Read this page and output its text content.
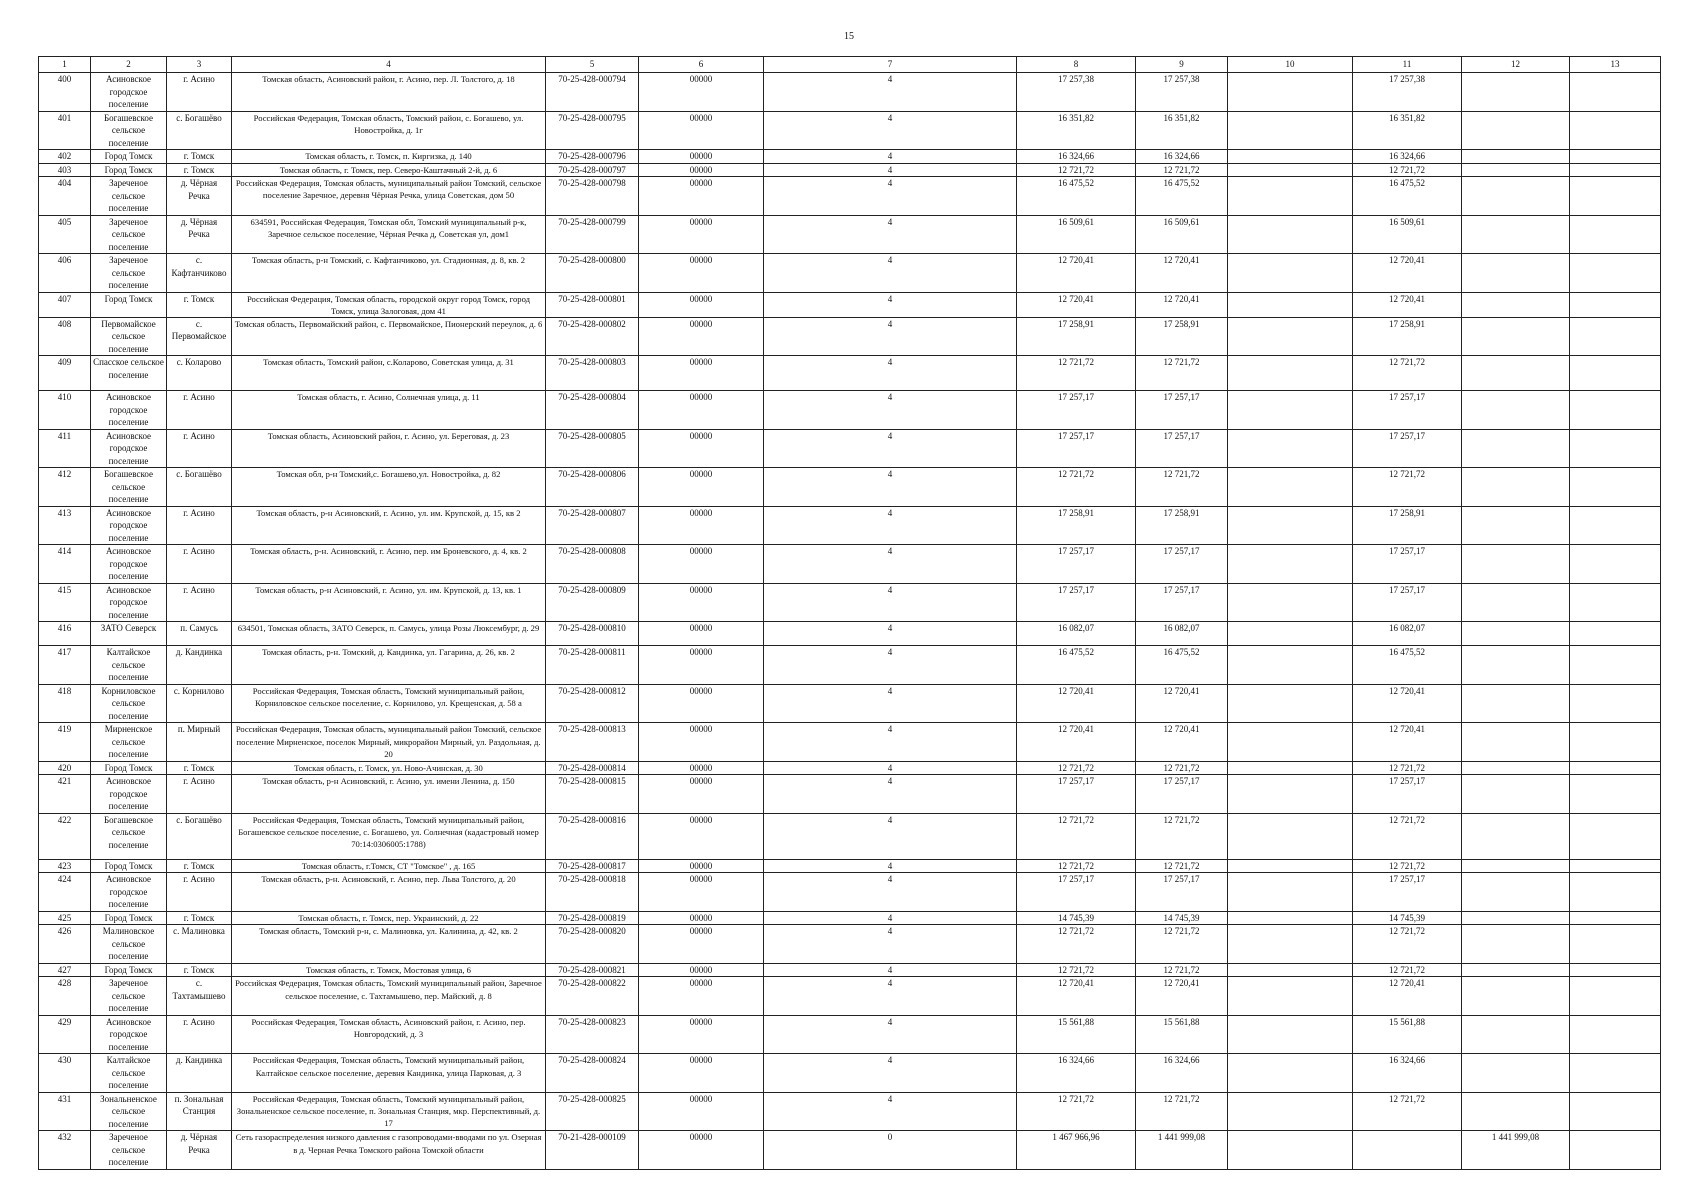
15
1	2	3	4	5	6	7	8	9	10	11	12	13
400	Асиновское городское поселение	г. Асино	Томская область, Асиновский район, г. Асино, пер. Л. Толстого, д. 18	70-25-428-000794	00000	4	17 257,38	17 257,38		17 257,38		
401	Богашевское сельское поселение	с. Богашёво	Российская Федерация, Томская область, Томский район, с. Богашево, ул. Новостройка, д. 1г	70-25-428-000795	00000	4	16 351,82	16 351,82		16 351,82		
402	Город Томск	г. Томск	Томская область, г. Томск, п. Киргизка, д. 140	70-25-428-000796	00000	4	16 324,66	16 324,66		16 324,66		
403	Город Томск	г. Томск	Томская область, г. Томск, пер. Северо-Каштачный 2-й, д. 6	70-25-428-000797	00000	4	12 721,72	12 721,72		12 721,72		
404	Зареченое сельское поселение	д. Чёрная Речка	Российская Федерация, Томская область, муниципальный район Томский, сельское поселение Заречное, деревня Чёрная Речка, улица Советская, дом 50	70-25-428-000798	00000	4	16 475,52	16 475,52		16 475,52		
405	Зареченое сельское поселение	д. Чёрная Речка	634591, Российская Федерация, Томская обл, Томский муниципальный р-к, Заречное сельское поселение, Чёрная Речка д, Советская ул, дом1	70-25-428-000799	00000	4	16 509,61	16 509,61		16 509,61		
406	Зареченое сельское поселение	с. Кафтанчиково	Томская область, р-н Томский, с. Кафтанчиково, ул. Стадионная, д. 8, кв. 2	70-25-428-000800	00000	4	12 720,41	12 720,41		12 720,41		
407	Город Томск	г. Томск	Российская Федерация, Томская область, городской округ город Томск, город Томск, улица Залоговая, дом 41	70-25-428-000801	00000	4	12 720,41	12 720,41		12 720,41		
408	Первомайское сельское поселение	с. Первомайское	Томская область, Первомайский район, с. Первомайское, Пионерский переулок, д. 6	70-25-428-000802	00000	4	17 258,91	17 258,91		17 258,91		
409	Спасское сельское поселение	с. Коларово	Томская область, Томский район, с.Коларово, Советская улица, д. 31	70-25-428-000803	00000	4	12 721,72	12 721,72		12 721,72		
410	Асиновское городское поселение	г. Асино	Томская область, г. Асино, Солнечная улица, д. 11	70-25-428-000804	00000	4	17 257,17	17 257,17		17 257,17		
411	Асиновское городское поселение	г. Асино	Томская область, Асиновский район, г. Асино, ул. Береговая, д. 23	70-25-428-000805	00000	4	17 257,17	17 257,17		17 257,17		
412	Богашевское сельское поселение	с. Богашёво	Томская обл, р-н Томский,с. Богашево,ул. Новостройка, д. 82	70-25-428-000806	00000	4	12 721,72	12 721,72		12 721,72		
413	Асиновское городское поселение	г. Асино	Томская область, р-н Асиновский, г. Асино, ул. им. Крупской, д. 15, кв 2	70-25-428-000807	00000	4	17 258,91	17 258,91		17 258,91		
414	Асиновское городское поселение	г. Асино	Томская область, р-н. Асиновский, г. Асино, пер. им Броневского, д. 4, кв. 2	70-25-428-000808	00000	4	17 257,17	17 257,17		17 257,17		
415	Асиновское городское поселение	г. Асино	Томская область, р-н Асиновский, г. Асино, ул. им. Крупской, д. 13, кв. 1	70-25-428-000809	00000	4	17 257,17	17 257,17		17 257,17		
416	ЗАТО Северск	п. Самусь	634501, Томская область, ЗАТО Северск, п. Самусь, улица Розы Люксембург, д. 29	70-25-428-000810	00000	4	16 082,07	16 082,07		16 082,07		
417	Калтайское сельское поселение	д. Кандинка	Томская область, р-н. Томский, д. Кандинка, ул. Гагарина, д. 26, кв. 2	70-25-428-000811	00000	4	16 475,52	16 475,52		16 475,52		
418	Корниловское сельское поселение	с. Корнилово	Российская Федерация, Томская область, Томский муниципальный район, Корниловское сельское поселение, с. Корнилово, ул. Крещенская, д. 58 а	70-25-428-000812	00000	4	12 720,41	12 720,41		12 720,41		
419	Мирненское сельское поселение	п. Мирный	Российская Федерация, Томская область, муниципальный район Томский, сельское поселение Мирненское, поселок Мирный, микрорайон Мирный, ул. Раздольная, д. 20	70-25-428-000813	00000	4	12 720,41	12 720,41		12 720,41		
420	Город Томск	г. Томск	Томская область, г. Томск, ул. Ново-Ачинская, д. 30	70-25-428-000814	00000	4	12 721,72	12 721,72		12 721,72		
421	Асиновское городское поселение	г. Асино	Томская область, р-н Асиновский, г. Асино, ул. имени Ленина, д. 150	70-25-428-000815	00000	4	17 257,17	17 257,17		17 257,17		
422	Богашевское сельское поселение	с. Богашёво	Российская Федерация, Томская область, Томский муниципальный район, Богашевское сельское поселение, с. Богашево, ул. Солнечная (кадастровый номер 70:14:0306005:1788)	70-25-428-000816	00000	4	12 721,72	12 721,72		12 721,72		
423	Город Томск	г. Томск	Томская область, г.Томск, СТ "Томское" , д. 165	70-25-428-000817	00000	4	12 721,72	12 721,72		12 721,72		
424	Асиновское городское поселение	г. Асино	Томская область, р-н. Асиновский, г. Асино, пер. Льва Толстого, д. 20	70-25-428-000818	00000	4	17 257,17	17 257,17		17 257,17		
425	Город Томск	г. Томск	Томская область, г. Томск, пер. Украинский, д. 22	70-25-428-000819	00000	4	14 745,39	14 745,39		14 745,39		
426	Малиновское сельское поселение	с. Малиновка	Томская область, Томский р-н, с. Малиновка, ул. Калинина, д. 42, кв. 2	70-25-428-000820	00000	4	12 721,72	12 721,72		12 721,72		
427	Город Томск	г. Томск	Томская область, г. Томск, Мостовая улица, 6	70-25-428-000821	00000	4	12 721,72	12 721,72		12 721,72		
428	Зареченое сельское поселение	с. Тахтамышево	Российская Федерация, Томская область, Томский муниципальный район, Заречное сельское поселение, с. Тахтамышево, пер. Майский, д. 8	70-25-428-000822	00000	4	12 720,41	12 720,41		12 720,41		
429	Асиновское городское поселение	г. Асино	Российская Федерация, Томская область, Асиновский район, г. Асино, пер. Новгородский, д. 3	70-25-428-000823	00000	4	15 561,88	15 561,88		15 561,88		
430	Калтайское сельское поселение	д. Кандинка	Российская Федерация, Томская область, Томский муниципальный район, Калтайское сельское поселение, деревня Кандинка, улица Парковая, д. 3	70-25-428-000824	00000	4	16 324,66	16 324,66		16 324,66		
431	Зональненское сельское поселение	п. Зональная Станция	Российская Федерация, Томская область, Томский муниципальный район, Зональненское сельское поселение, п. Зональная Станция, мкр. Перспективный, д. 17	70-25-428-000825	00000	4	12 721,72	12 721,72		12 721,72		
432	Зареченое сельское поселение	д. Чёрная Речка	Сеть газораспределения низкого давления с газопроводами-вводами по ул. Озерная в д. Черная Речка Томского района Томской области	70-21-428-000109	00000	0	1 467 966,96	1 441 999,08			1 441 999,08	
